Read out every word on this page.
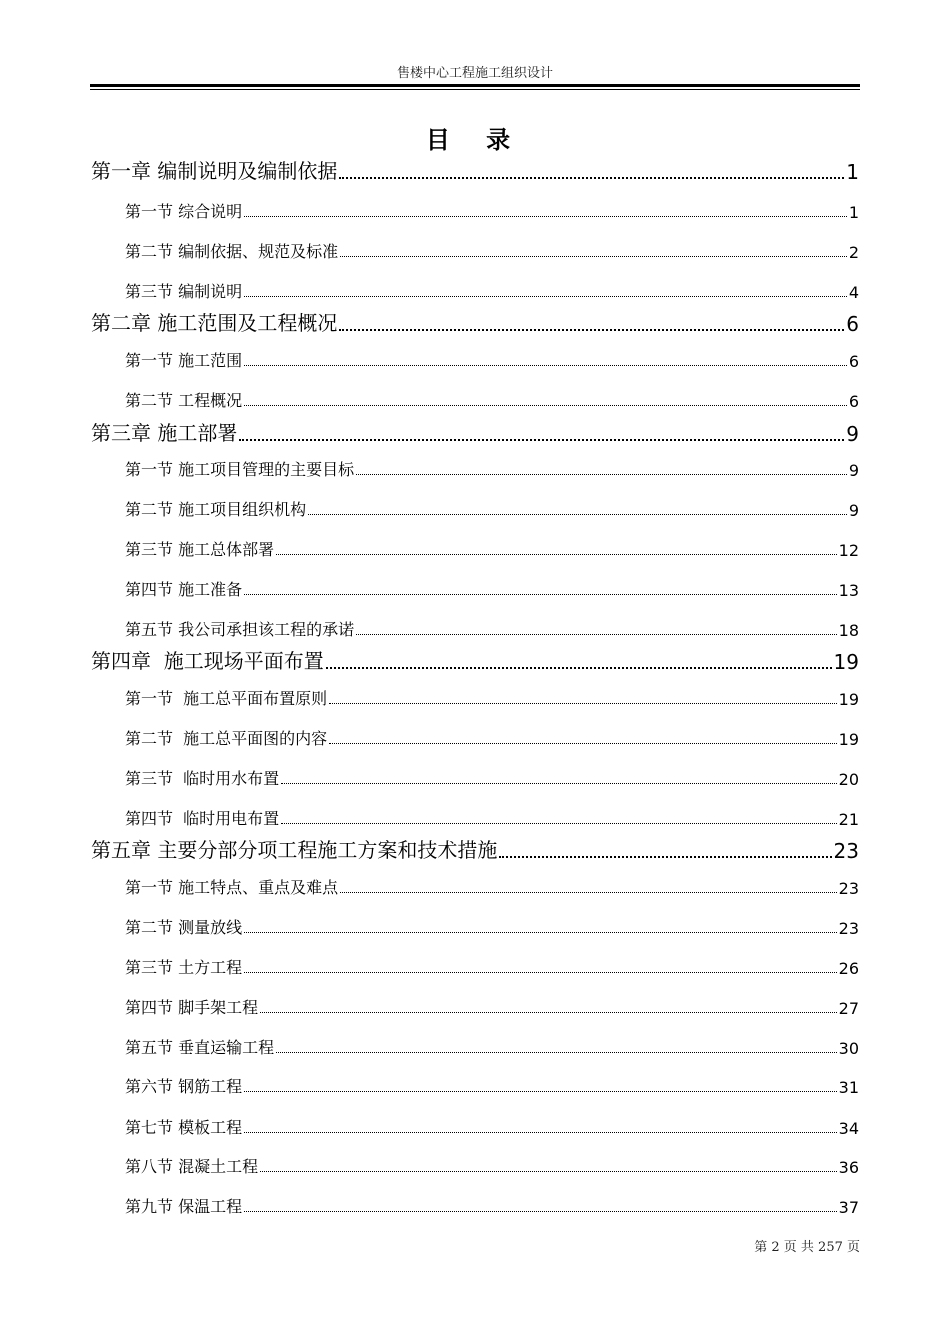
售楼中心工程施工组织设计
目 录
第一章 编制说明及编制依据	1
第一节 综合说明	1
第二节 编制依据、规范及标准	2
第三节 编制说明	4
第二章 施工范围及工程概况	6
第一节 施工范围	6
第二节 工程概况	6
第三章 施工部署	9
第一节 施工项目管理的主要目标	9
第二节 施工项目组织机构	9
第三节 施工总体部署	12
第四节 施工准备	13
第五节 我公司承担该工程的承诺	18
第四章  施工现场平面布置	19
第一节  施工总平面布置原则	19
第二节  施工总平面图的内容	19
第三节  临时用水布置	20
第四节  临时用电布置	21
第五章 主要分部分项工程施工方案和技术措施	23
第一节 施工特点、重点及难点	23
第二节 测量放线	23
第三节 土方工程	26
第四节 脚手架工程	27
第五节 垂直运输工程	30
第六节 钢筋工程	31
第七节 模板工程	34
第八节 混凝土工程	36
第九节 保温工程	37
第 2 页 共 257 页
